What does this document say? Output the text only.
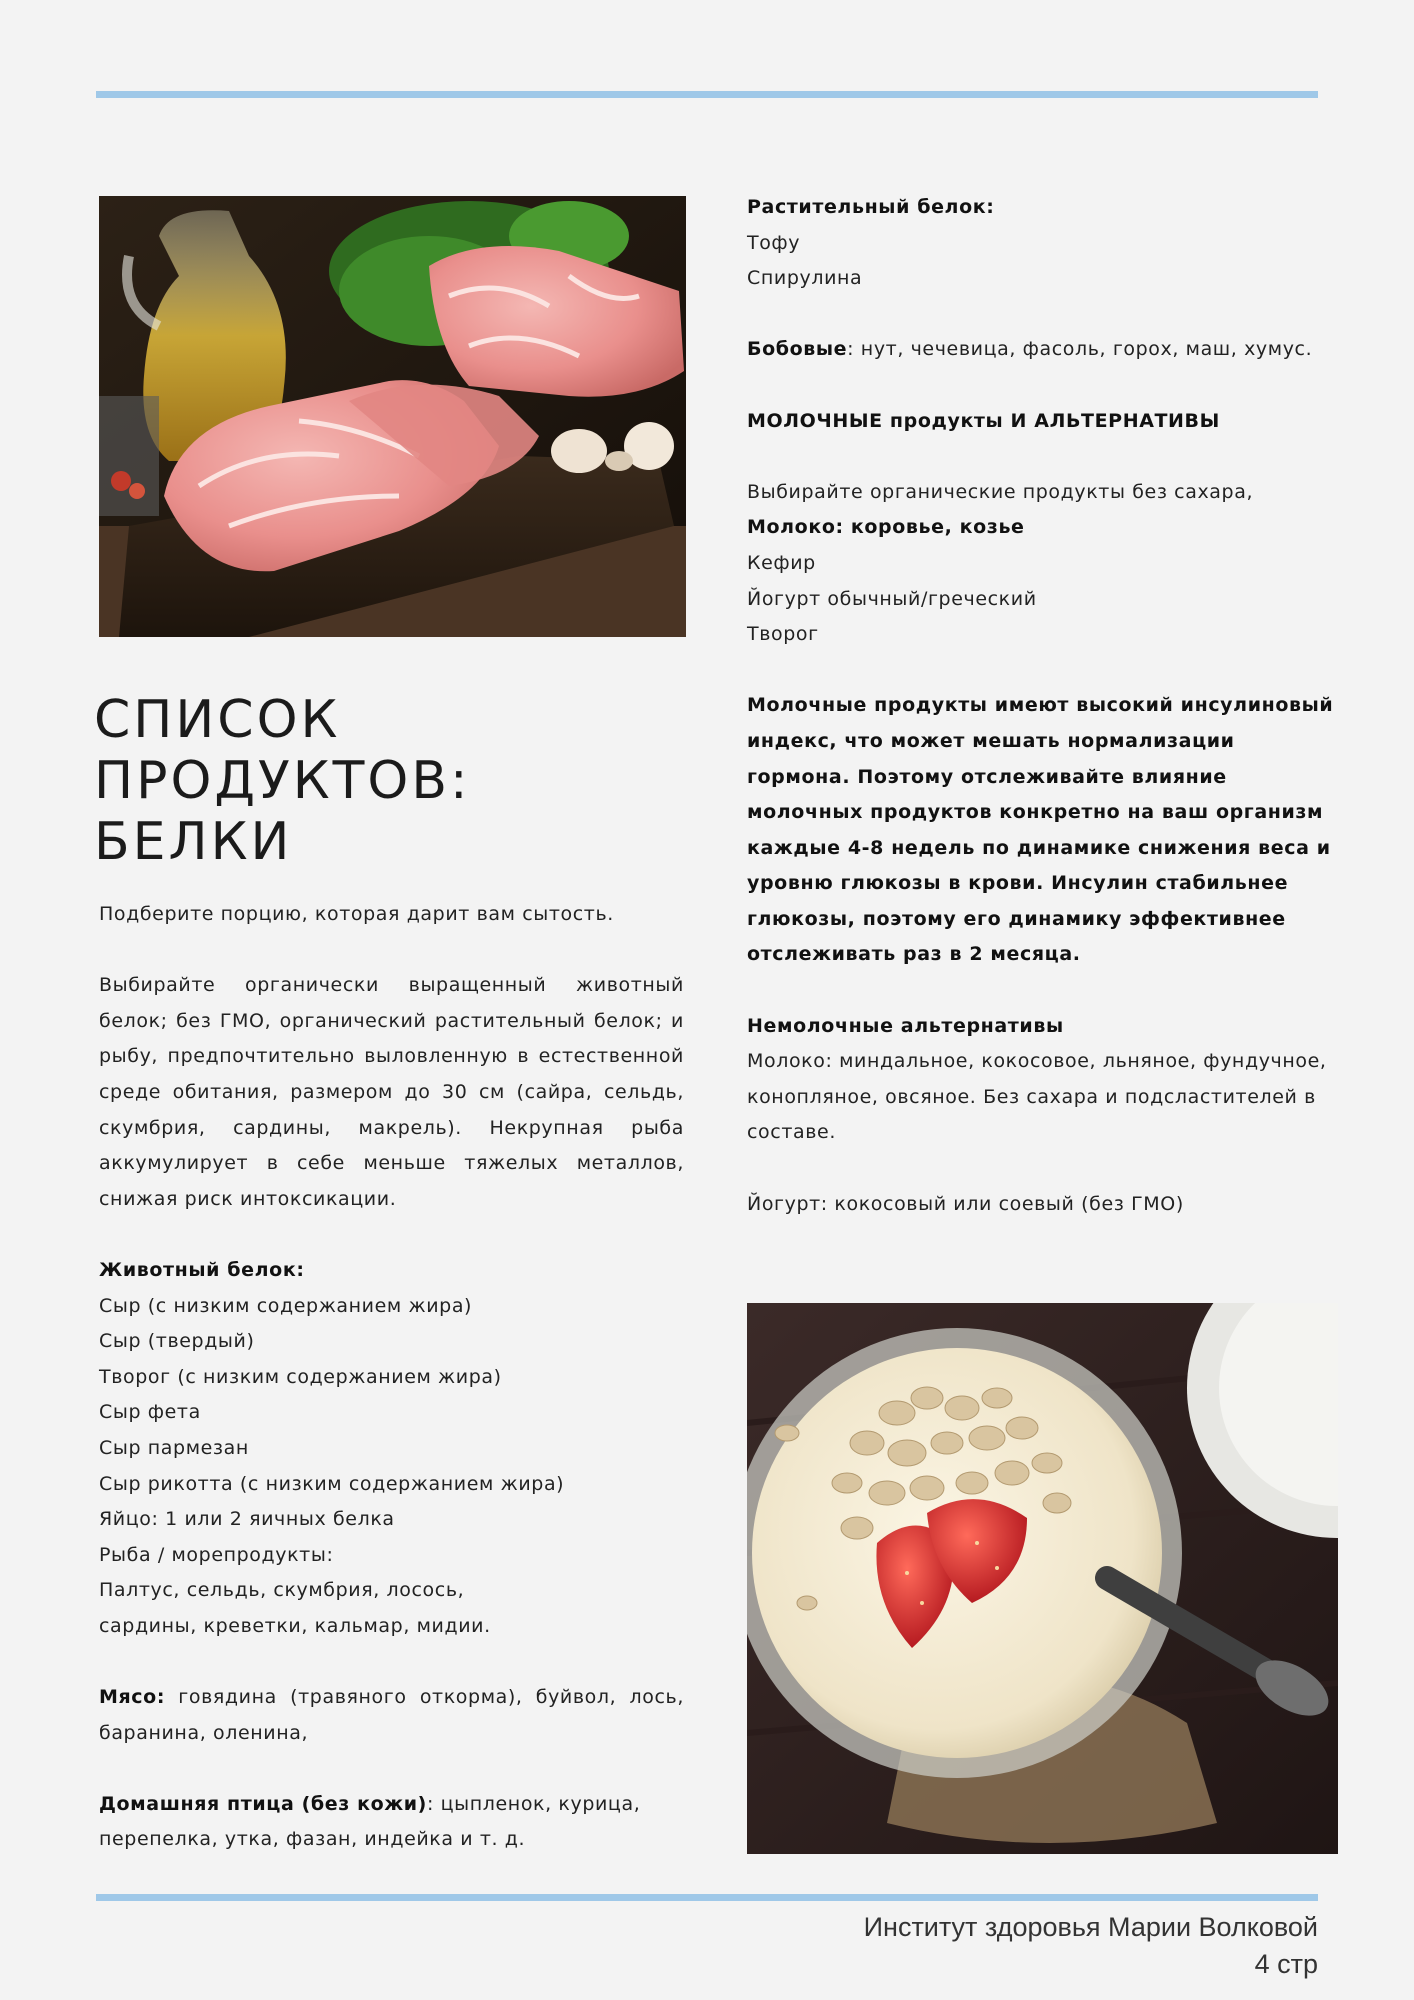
СПИСОК
ПРОДУКТОВ:
БЕЛКИ

Подберите порцию, которая дарит вам сытость.

Выбирайте органически выращенный животный белок; без ГМО, органический растительный белок; и рыбу, предпочтительно выловленную в естественной среде обитания, размером до 30 см (сайра, сельдь, скумбрия, сардины, макрель). Некрупная рыба аккумулирует в себе меньше тяжелых металлов, снижая риск интоксикации.

Животный белок:

Сыр (с низким содержанием жира)

Сыр (твердый)

Творог (с низким содержанием жира)

Сыр фета

Сыр пармезан

Сыр рикотта (с низким содержанием жира)

Яйцо: 1 или 2 яичных белка

Рыба / морепродукты:

Палтус, сельдь, скумбрия, лосось,

сардины, креветки, кальмар, мидии.

Мясо: говядина (травяного откорма), буйвол, лось, баранина, оленина,

Домашняя птица (без кожи): цыпленок, курица, перепелка, утка, фазан, индейка и т. д.

Растительный белок:

Тофу

Спирулина

Бобовые: нут, чечевица, фасоль, горох, маш, хумус.

МОЛОЧНЫЕ продукты И АЛЬТЕРНАТИВЫ

Выбирайте органические продукты без сахара,

Молоко: коровье, козье

Кефир

Йогурт обычный/греческий

Творог

Молочные продукты имеют высокий инсулиновый индекс, что может мешать нормализации гормона. Поэтому отслеживайте влияние молочных продуктов конкретно на ваш организм каждые 4-8 недель по динамике снижения веса и уровню глюкозы в крови. Инсулин стабильнее глюкозы, поэтому его динамику эффективнее отслеживать раз в 2 месяца.

Немолочные альтернативы

Молоко: миндальное, кокосовое, льняное, фундучное, конопляное, овсяное. Без сахара и подсластителей в составе.

Йогурт: кокосовый или соевый (без ГМО)

Институт здоровья Марии Волковой
4 стр
